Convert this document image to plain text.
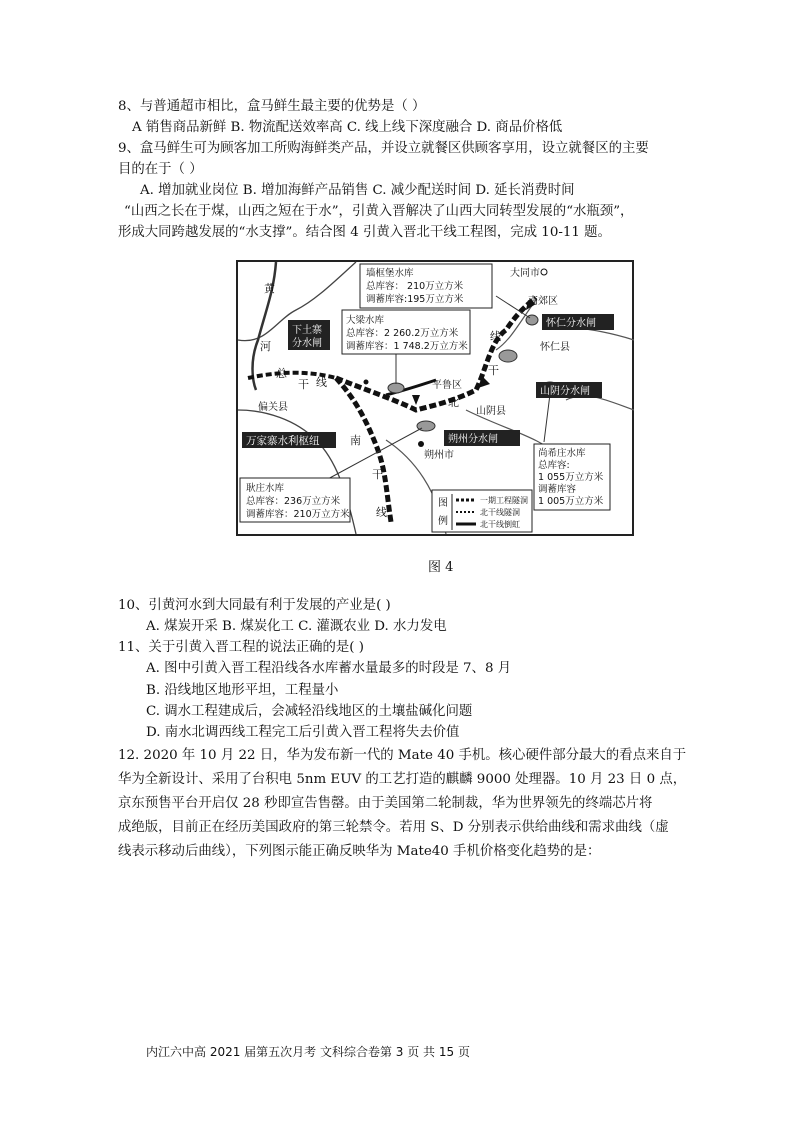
8、与普通超市相比，盒马鲜生最主要的优势是（ ）
A 销售商品新鲜 B. 物流配送效率高 C. 线上线下深度融合 D. 商品价格低
9、盒马鲜生可为顾客加工所购海鲜类产品，并设立就餐区供顾客享用，设立就餐区的主要
目的在于（ ）
A. 增加就业岗位 B. 增加海鲜产品销售 C. 减少配送时间 D. 延长消费时间
“山西之长在于煤，山西之短在于水”，引黄入晋解决了山西大同转型发展的“水瓶颈”，
形成大同跨越发展的“水支撑”。结合图 4 引黄入晋北干线工程图，完成 10-11 题。
黄
河
总
干 线
偏关县
万家寨水利枢纽
下土寨
分水闸
大梁水库
总库容：2 260.2万立方米
调蓄库容：1 748.2万立方米
墙框堡水库
总库容： 210万立方米
调蓄库容:195万立方米
大同市
南郊区
怀仁分水闸
怀仁县
线
干
北
平鲁区
山阴分水闸
山阴县
朔州分水闸
朔州市
南
干
线
耿庄水库
总库容：236万立方米
调蓄库容：210万立方米
尚希庄水库
总库容:
1 055万立方米
调蓄库容
1 005万立方米
图
例
一期工程隧洞
北干线隧洞
北干线倒虹
图 4
10、引黄河水到大同最有利于发展的产业是( )
A. 煤炭开采 B. 煤炭化工 C. 灌溉农业 D. 水力发电
11、关于引黄入晋工程的说法正确的是( )
A. 图中引黄入晋工程沿线各水库蓄水量最多的时段是 7、8 月
B. 沿线地区地形平坦，工程量小
C. 调水工程建成后，会减轻沿线地区的土壤盐碱化问题
D. 南水北调西线工程完工后引黄入晋工程将失去价值
12. 2020 年 10 月 22 日，华为发布新一代的 Mate 40 手机。核心硬件部分最大的看点来自于
华为全新设计、采用了台积电 5nm EUV 的工艺打造的麒麟 9000 处理器。10 月 23 日 0 点，
京东预售平台开启仅 28 秒即宣告售罄。由于美国第二轮制裁，华为世界领先的终端芯片将
成绝版，目前正在经历美国政府的第三轮禁令。若用 S、D 分别表示供给曲线和需求曲线（虚
线表示移动后曲线），下列图示能正确反映华为 Mate40 手机价格变化趋势的是：
内江六中高 2021 届第五次月考 文科综合卷第 3 页 共 15 页
